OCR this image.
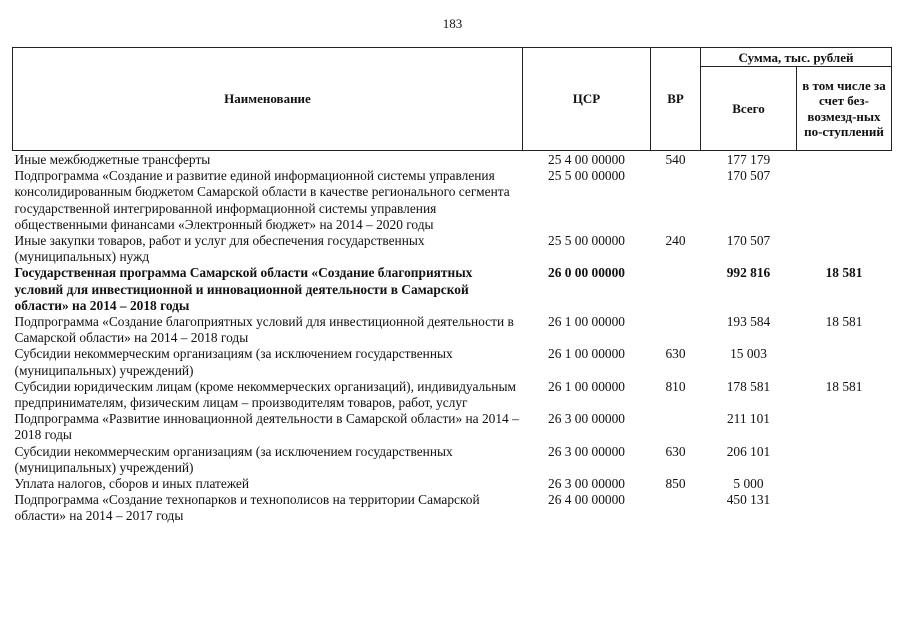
183
Наименование	ЦСР	ВР	Сумма, тыс. рублей	
			Всего	в том числе за счет без-возмезд-ных по-ступлений
Иные межбюджетные трансферты	25 4 00 00000	540	177 179	
Подпрограмма «Создание и развитие единой информационной системы управления консолидированным бюджетом Самарской области в качестве регионального сегмента государственной интегрированной информационной системы управления общественными финансами «Электронный бюджет» на 2014 – 2020 годы	25 5 00 00000		170 507	
Иные закупки товаров, работ и услуг для обеспечения государственных (муниципальных) нужд	25 5 00 00000	240	170 507	
Государственная программа Самарской области «Создание благоприятных условий для инвестиционной и инновационной деятельности в Самарской области» на 2014 – 2018 годы	26 0 00 00000		992 816	18 581
Подпрограмма «Создание благоприятных условий для инвестиционной деятельности в Самарской области» на 2014 – 2018 годы	26 1 00 00000		193 584	18 581
Субсидии некоммерческим организациям (за исключением государственных (муниципальных) учреждений)	26 1 00 00000	630	15 003	
Субсидии юридическим лицам (кроме некоммерческих организаций), индивидуальным предпринимателям, физическим лицам – производителям товаров, работ, услуг	26 1 00 00000	810	178 581	18 581
Подпрограмма «Развитие инновационной деятельности в Самарской области» на 2014 – 2018 годы	26 3 00 00000		211 101	
Субсидии некоммерческим организациям (за исключением государственных (муниципальных) учреждений)	26 3 00 00000	630	206 101	
Уплата налогов, сборов и иных платежей	26 3 00 00000	850	5 000	
Подпрограмма «Создание технопарков и технополисов на территории Самарской области» на 2014 – 2017 годы	26 4 00 00000		450 131	
